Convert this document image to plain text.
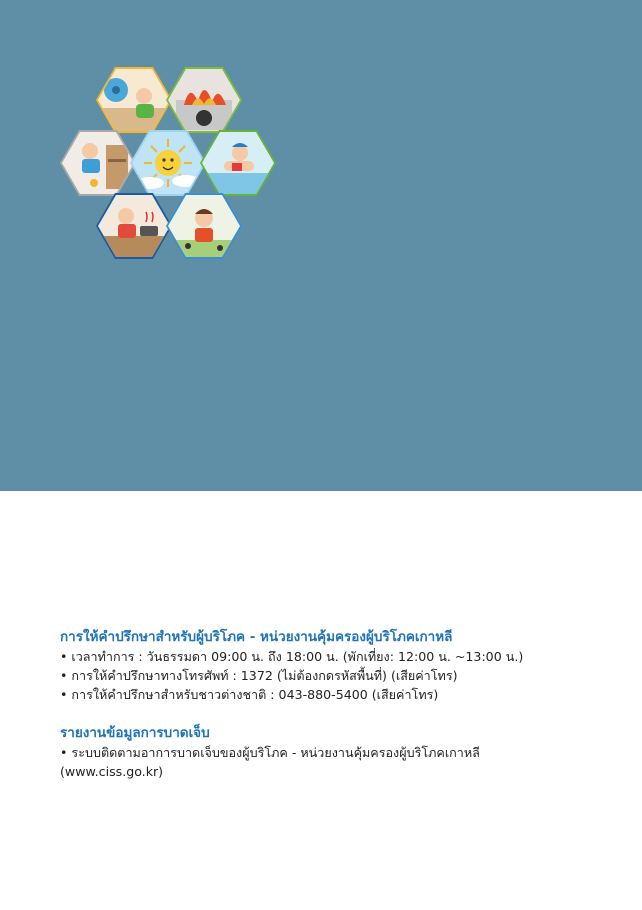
การให้คำปรึกษาสำหรับผู้บริโภค - หน่วยงานคุ้มครองผู้บริโภคเกาหลี

• เวลาทำการ : วันธรรมดา 09:00 น. ถึง 18:00 น. (พักเที่ยง: 12:00 น. ~13:00 น.)

• การให้คำปรึกษาทางโทรศัพท์ : 1372 (ไม่ต้องกดรหัสพื้นที่) (เสียค่าโทร)

• การให้คำปรึกษาสำหรับชาวต่างชาติ : 043-880-5400 (เสียค่าโทร)

รายงานข้อมูลการบาดเจ็บ

• ระบบติดตามอาการบาดเจ็บของผู้บริโภค - หน่วยงานคุ้มครองผู้บริโภคเกาหลี

(www.ciss.go.kr)
